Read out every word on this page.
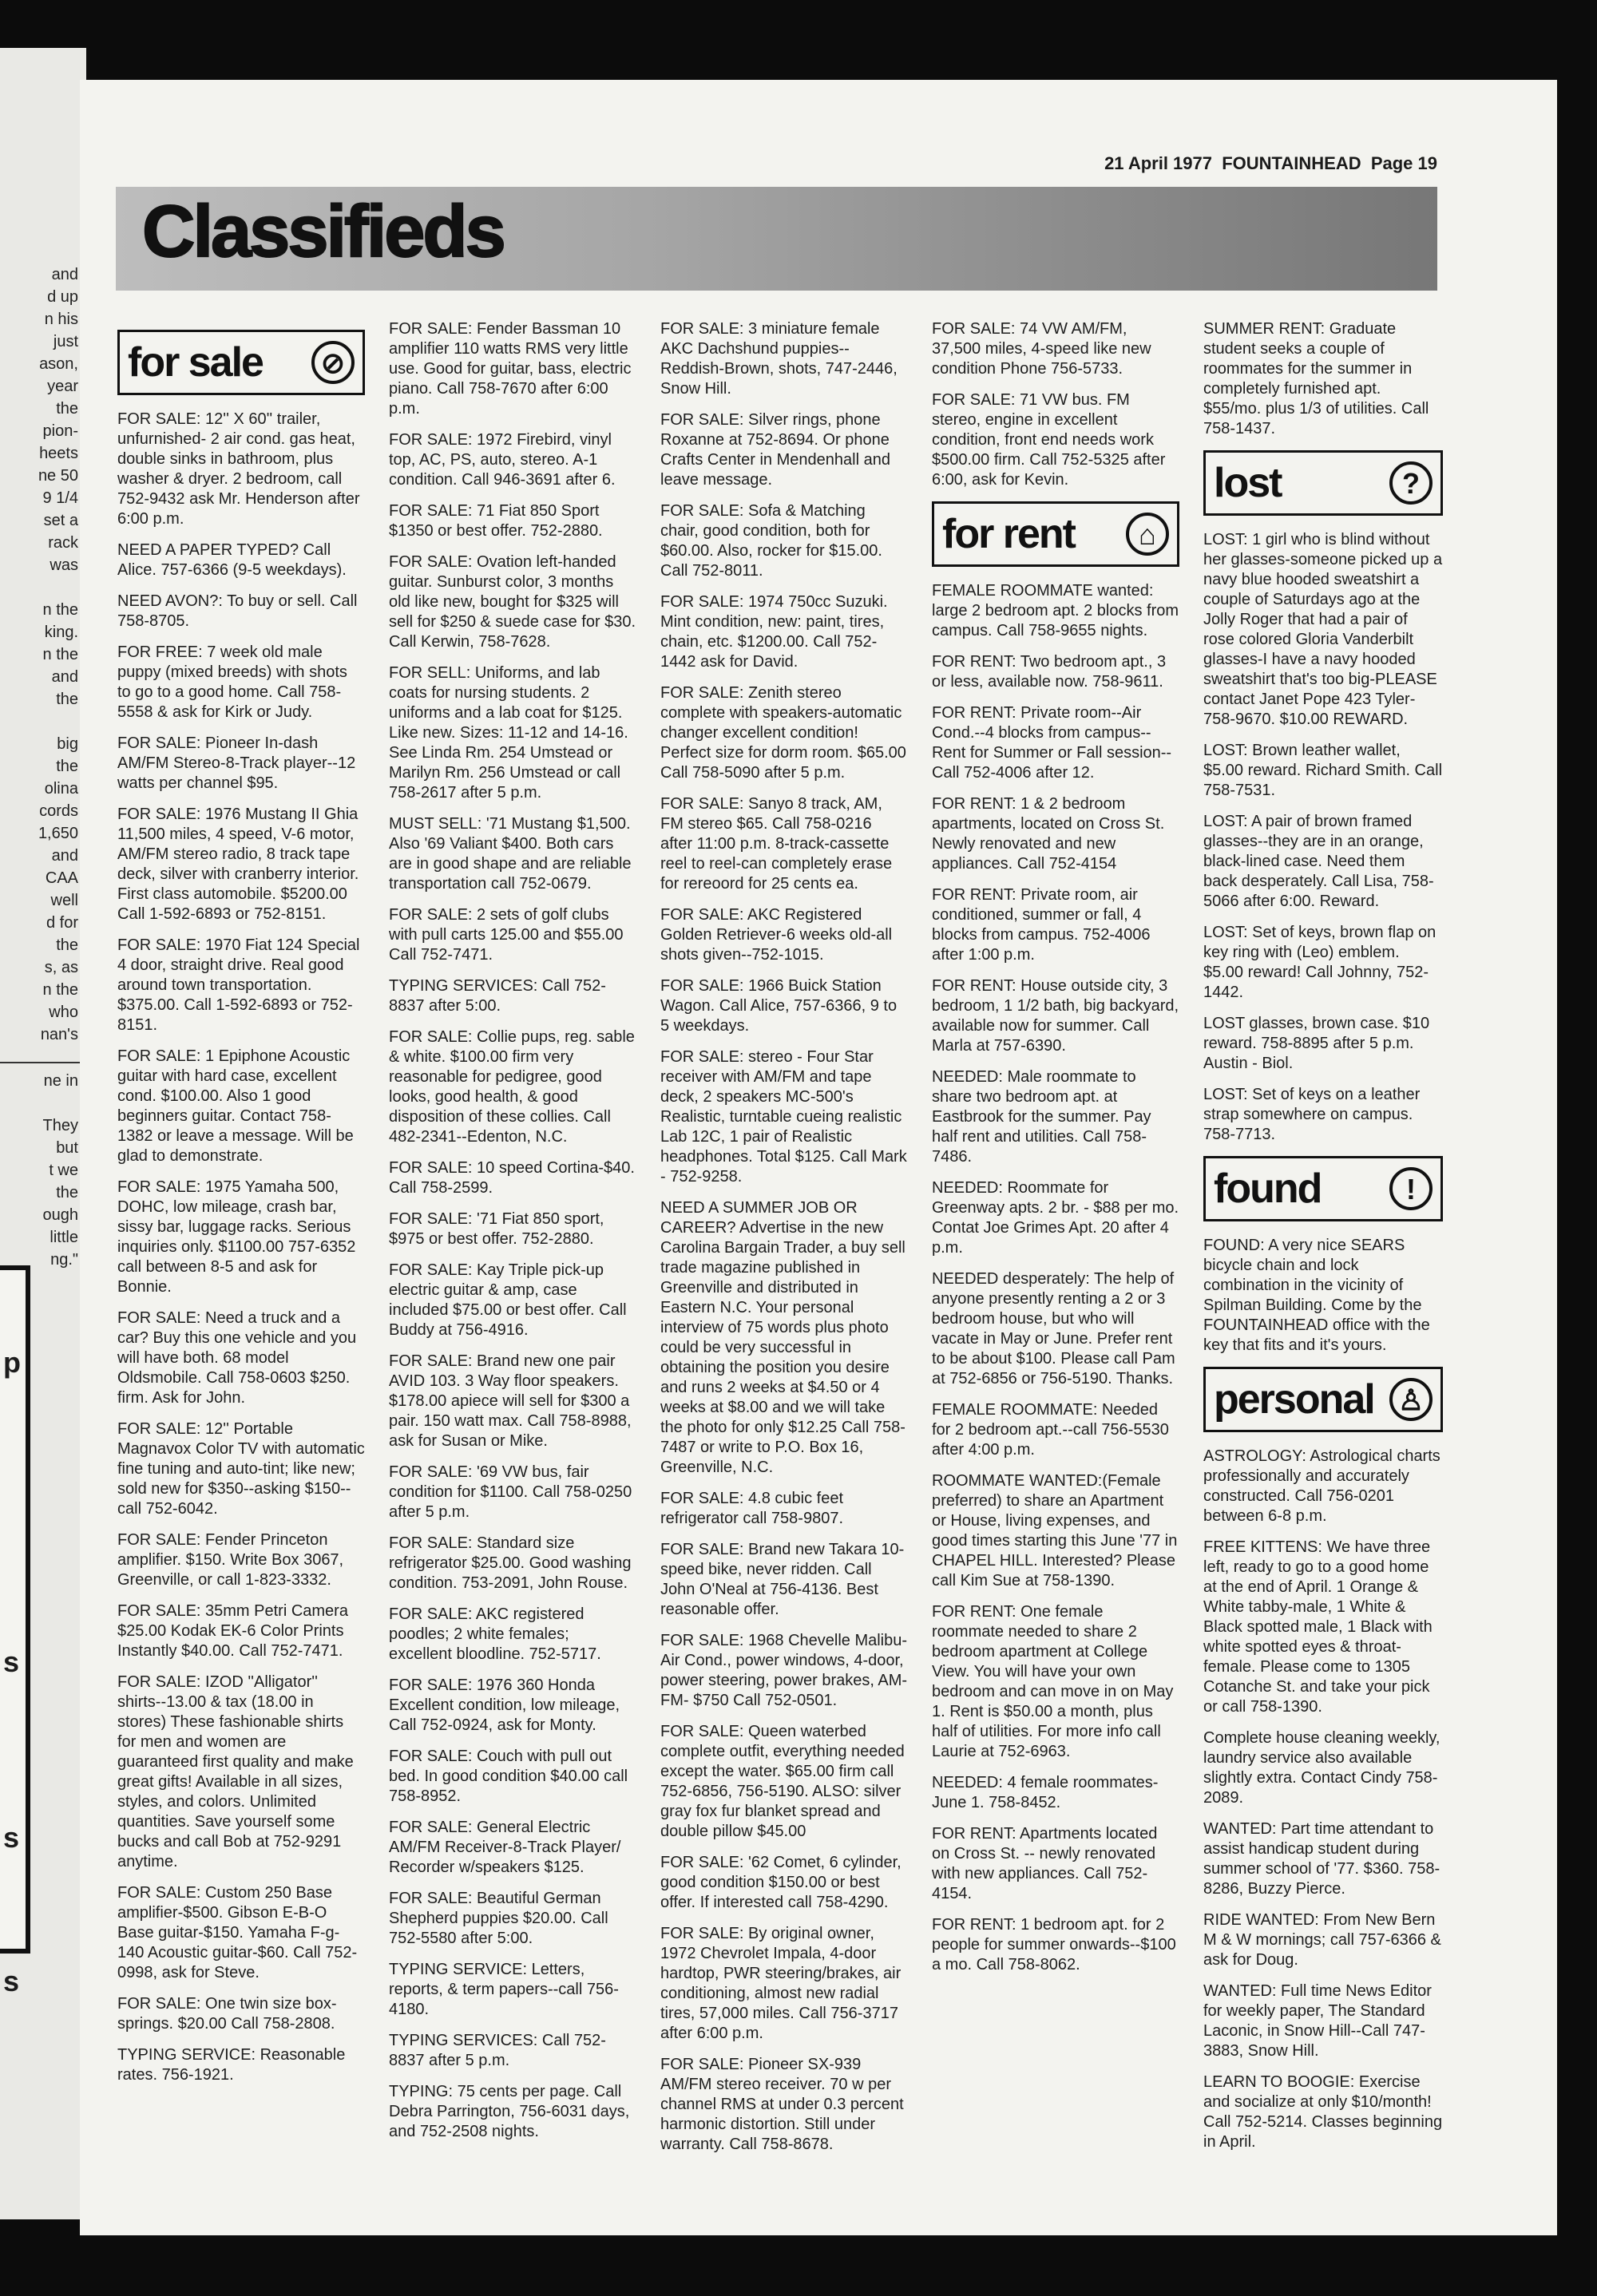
and
d up
n his
just
ason,
year
the
pion-
heets
ne 50
9 1/4
set a
rack
was
n the
king.
n the
and
the
big
the
olina
cords
1,650
and
CAA
well
d for
the
s, as
n the
who
nan's
ne in
They
but
t we
the
ough
little
ng."
p
s
s
s
21 April 1977 FOUNTAINHEAD Page 19
Classifieds
for sale	⊘

FOR SALE: 12'' X 60'' trailer, unfurnished- 2 air cond. gas heat, double sinks in bathroom, plus washer & dryer. 2 bedroom, call 752-9432 ask Mr. Henderson after 6:00 p.m.

NEED A PAPER TYPED? Call Alice. 757-6366 (9-5 weekdays).

NEED AVON?: To buy or sell. Call 758-8705.

FOR FREE: 7 week old male puppy (mixed breeds) with shots to go to a good home. Call 758-5558 & ask for Kirk or Judy.

FOR SALE: Pioneer In-dash AM/FM Stereo-8-Track player--12 watts per channel $95.

FOR SALE: 1976 Mustang II Ghia 11,500 miles, 4 speed, V-6 motor, AM/FM stereo radio, 8 track tape deck, silver with cranberry interior. First class automobile. $5200.00 Call 1-592-6893 or 752-8151.

FOR SALE: 1970 Fiat 124 Special 4 door, straight drive. Real good around town transportation. $375.00. Call 1-592-6893 or 752-8151.

FOR SALE: 1 Epiphone Acoustic guitar with hard case, excellent cond. $100.00. Also 1 good beginners guitar. Contact 758-1382 or leave a message. Will be glad to demonstrate.

FOR SALE: 1975 Yamaha 500, DOHC, low mileage, crash bar, sissy bar, luggage racks. Serious inquiries only. $1100.00 757-6352 call between 8-5 and ask for Bonnie.

FOR SALE: Need a truck and a car? Buy this one vehicle and you will have both. 68 model Oldsmobile. Call 758-0603 $250. firm. Ask for John.

FOR SALE: 12'' Portable Magnavox Color TV with automatic fine tuning and auto-tint; like new; sold new for $350--asking $150--call 752-6042.

FOR SALE: Fender Princeton amplifier. $150. Write Box 3067, Greenville, or call 1-823-3332.

FOR SALE: 35mm Petri Camera $25.00 Kodak EK-6 Color Prints Instantly $40.00. Call 752-7471.

FOR SALE: IZOD ''Alligator'' shirts--13.00 & tax (18.00 in stores) These fashionable shirts for men and women are guaranteed first quality and make great gifts! Available in all sizes, styles, and colors. Unlimited quantities. Save yourself some bucks and call Bob at 752-9291 anytime.

FOR SALE: Custom 250 Base amplifier-$500. Gibson E-B-O Base guitar-$150. Yamaha F-g-140 Acoustic guitar-$60. Call 752-0998, ask for Steve.

FOR SALE: One twin size box-springs. $20.00 Call 758-2808.

TYPING SERVICE: Reasonable rates. 756-1921.

FOR SALE: Fender Bassman 10 amplifier 110 watts RMS very little use. Good for guitar, bass, electric piano. Call 758-7670 after 6:00 p.m.

FOR SALE: 1972 Firebird, vinyl top, AC, PS, auto, stereo. A-1 condition. Call 946-3691 after 6.

FOR SALE: 71 Fiat 850 Sport $1350 or best offer. 752-2880.

FOR SALE: Ovation left-handed guitar. Sunburst color, 3 months old like new, bought for $325 will sell for $250 & suede case for $30. Call Kerwin, 758-7628.

FOR SELL: Uniforms, and lab coats for nursing students. 2 uniforms and a lab coat for $125. Like new. Sizes: 11-12 and 14-16. See Linda Rm. 254 Umstead or Marilyn Rm. 256 Umstead or call 758-2617 after 5 p.m.

MUST SELL: '71 Mustang $1,500. Also '69 Valiant $400. Both cars are in good shape and are reliable transportation call 752-0679.

FOR SALE: 2 sets of golf clubs with pull carts 125.00 and $55.00 Call 752-7471.

TYPING SERVICES: Call 752-8837 after 5:00.

FOR SALE: Collie pups, reg. sable & white. $100.00 firm very reasonable for pedigree, good looks, good health, & good disposition of these collies. Call 482-2341--Edenton, N.C.

FOR SALE: 10 speed Cortina-$40. Call 758-2599.

FOR SALE: '71 Fiat 850 sport, $975 or best offer. 752-2880.

FOR SALE: Kay Triple pick-up electric guitar & amp, case included $75.00 or best offer. Call Buddy at 756-4916.

FOR SALE: Brand new one pair AVID 103. 3 Way floor speakers. $178.00 apiece will sell for $300 a pair. 150 watt max. Call 758-8988, ask for Susan or Mike.

FOR SALE: '69 VW bus, fair condition for $1100. Call 758-0250 after 5 p.m.

FOR SALE: Standard size refrigerator $25.00. Good washing condition. 753-2091, John Rouse.

FOR SALE: AKC registered poodles; 2 white females; excellent bloodline. 752-5717.

FOR SALE: 1976 360 Honda Excellent condition, low mileage, Call 752-0924, ask for Monty.

FOR SALE: Couch with pull out bed. In good condition $40.00 call 758-8952.

FOR SALE: General Electric AM/FM Receiver-8-Track Player/ Recorder w/speakers $125.

FOR SALE: Beautiful German Shepherd puppies $20.00. Call 752-5580 after 5:00.

TYPING SERVICE: Letters, reports, & term papers--call 756-4180.

TYPING SERVICES: Call 752-8837 after 5 p.m.

TYPING: 75 cents per page. Call Debra Parrington, 756-6031 days, and 752-2508 nights.

FOR SALE: 3 miniature female AKC Dachshund puppies-- Reddish-Brown, shots, 747-2446, Snow Hill.

FOR SALE: Silver rings, phone Roxanne at 752-8694. Or phone Crafts Center in Mendenhall and leave message.

FOR SALE: Sofa & Matching chair, good condition, both for $60.00. Also, rocker for $15.00. Call 752-8011.

FOR SALE: 1974 750cc Suzuki. Mint condition, new: paint, tires, chain, etc. $1200.00. Call 752-1442 ask for David.

FOR SALE: Zenith stereo complete with speakers-automatic changer excellent condition! Perfect size for dorm room. $65.00 Call 758-5090 after 5 p.m.

FOR SALE: Sanyo 8 track, AM, FM stereo $65. Call 758-0216 after 11:00 p.m. 8-track-cassette reel to reel-can completely erase for rereoord for 25 cents ea.

FOR SALE: AKC Registered Golden Retriever-6 weeks old-all shots given--752-1015.

FOR SALE: 1966 Buick Station Wagon. Call Alice, 757-6366, 9 to 5 weekdays.

FOR SALE: stereo - Four Star receiver with AM/FM and tape deck, 2 speakers MC-500's Realistic, turntable cueing realistic Lab 12C, 1 pair of Realistic headphones. Total $125. Call Mark - 752-9258.

NEED A SUMMER JOB OR CAREER? Advertise in the new Carolina Bargain Trader, a buy sell trade magazine published in Greenville and distributed in Eastern N.C. Your personal interview of 75 words plus photo could be very successful in obtaining the position you desire and runs 2 weeks at $4.50 or 4 weeks at $8.00 and we will take the photo for only $12.25 Call 758-7487 or write to P.O. Box 16, Greenville, N.C.

FOR SALE: 4.8 cubic feet refrigerator call 758-9807.

FOR SALE: Brand new Takara 10-speed bike, never ridden. Call John O'Neal at 756-4136. Best reasonable offer.

FOR SALE: 1968 Chevelle Malibu-Air Cond., power windows, 4-door, power steering, power brakes, AM-FM- $750 Call 752-0501.

FOR SALE: Queen waterbed complete outfit, everything needed except the water. $65.00 firm call 752-6856, 756-5190. ALSO: silver gray fox fur blanket spread and double pillow $45.00

FOR SALE: '62 Comet, 6 cylinder, good condition $150.00 or best offer. If interested call 758-4290.

FOR SALE: By original owner, 1972 Chevrolet Impala, 4-door hardtop, PWR steering/brakes, air conditioning, almost new radial tires, 57,000 miles. Call 756-3717 after 6:00 p.m.

FOR SALE: Pioneer SX-939 AM/FM stereo receiver. 70 w per channel RMS at under 0.3 percent harmonic distortion. Still under warranty. Call 758-8678.

FOR SALE: 74 VW AM/FM, 37,500 miles, 4-speed like new condition Phone 756-5733.

FOR SALE: 71 VW bus. FM stereo, engine in excellent condition, front end needs work $500.00 firm. Call 752-5325 after 6:00, ask for Kevin.

for rent	⌂

FEMALE ROOMMATE wanted: large 2 bedroom apt. 2 blocks from campus. Call 758-9655 nights.

FOR RENT: Two bedroom apt., 3 or less, available now. 758-9611.

FOR RENT: Private room--Air Cond.--4 blocks from campus--Rent for Summer or Fall session--Call 752-4006 after 12.

FOR RENT: 1 & 2 bedroom apartments, located on Cross St. Newly renovated and new appliances. Call 752-4154

FOR RENT: Private room, air conditioned, summer or fall, 4 blocks from campus. 752-4006 after 1:00 p.m.

FOR RENT: House outside city, 3 bedroom, 1 1/2 bath, big backyard, available now for summer. Call Marla at 757-6390.

NEEDED: Male roommate to share two bedroom apt. at Eastbrook for the summer. Pay half rent and utilities. Call 758-7486.

NEEDED: Roommate for Greenway apts. 2 br. - $88 per mo. Contat Joe Grimes Apt. 20 after 4 p.m.

NEEDED desperately: The help of anyone presently renting a 2 or 3 bedroom house, but who will vacate in May or June. Prefer rent to be about $100. Please call Pam at 752-6856 or 756-5190. Thanks.

FEMALE ROOMMATE: Needed for 2 bedroom apt.--call 756-5530 after 4:00 p.m.

ROOMMATE WANTED:(Female preferred) to share an Apartment or House, living expenses, and good times starting this June '77 in CHAPEL HILL. Interested? Please call Kim Sue at 758-1390.

FOR RENT: One female roommate needed to share 2 bedroom apartment at College View. You will have your own bedroom and can move in on May 1. Rent is $50.00 a month, plus half of utilities. For more info call Laurie at 752-6963.

NEEDED: 4 female roommates-June 1. 758-8452.

FOR RENT: Apartments located on Cross St. -- newly renovated with new appliances. Call 752-4154.

FOR RENT: 1 bedroom apt. for 2 people for summer onwards--$100 a mo. Call 758-8062.

SUMMER RENT: Graduate student seeks a couple of roommates for the summer in completely furnished apt. $55/mo. plus 1/3 of utilities. Call 758-1437.

lost	?

LOST: 1 girl who is blind without her glasses-someone picked up a navy blue hooded sweatshirt a couple of Saturdays ago at the Jolly Roger that had a pair of rose colored Gloria Vanderbilt glasses-I have a navy hooded sweatshirt that's too big-PLEASE contact Janet Pope 423 Tyler-758-9670. $10.00 REWARD.

LOST: Brown leather wallet, $5.00 reward. Richard Smith. Call 758-7531.

LOST: A pair of brown framed glasses--they are in an orange, black-lined case. Need them back desperately. Call Lisa, 758-5066 after 6:00. Reward.

LOST: Set of keys, brown flap on key ring with (Leo) emblem. $5.00 reward! Call Johnny, 752-1442.

LOST glasses, brown case. $10 reward. 758-8895 after 5 p.m. Austin - Biol.

LOST: Set of keys on a leather strap somewhere on campus. 758-7713.

found	!

FOUND: A very nice SEARS bicycle chain and lock combination in the vicinity of Spilman Building. Come by the FOUNTAINHEAD office with the key that fits and it's yours.

personal ♙

ASTROLOGY: Astrological charts professionally and accurately constructed. Call 756-0201 between 6-8 p.m.

FREE KITTENS: We have three left, ready to go to a good home at the end of April. 1 Orange & White tabby-male, 1 White & Black spotted male, 1 Black with white spotted eyes & throat-female. Please come to 1305 Cotanche St. and take your pick or call 758-1390.

Complete house cleaning weekly, laundry service also available slightly extra. Contact Cindy 758-2089.

WANTED: Part time attendant to assist handicap student during summer school of '77. $360. 758-8286, Buzzy Pierce.

RIDE WANTED: From New Bern M & W mornings; call 757-6366 & ask for Doug.

WANTED: Full time News Editor for weekly paper, The Standard Laconic, in Snow Hill--Call 747-3883, Snow Hill.

LEARN TO BOOGIE: Exercise and socialize at only $10/month! Call 752-5214. Classes beginning in April.
